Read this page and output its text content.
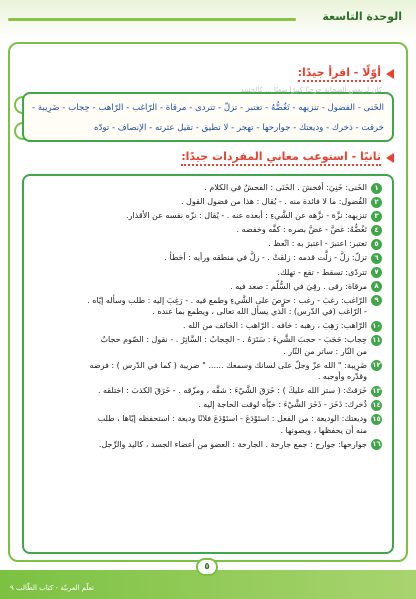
الوحدة التاسعة
أوّلًا - اقرأ جيدًا:
كان لـ بعض الصحابة حرجـًا كبيرًا صعبًا ... كالجسد
الخَنى - الفضول - تنزيهه - تَغُضُّهُ - تعتبر - تزلّ - تتردى - مرقاة - الرّاغب - الرّاهب - حِجاب - ضَرِيبة - خرقت - ذخرك - وديعتك - جوارحها - تهجر - لا تطيق - تقيل عثرته - الإنصاف - تودّه
ثانيًا - استوعب معاني المفردات جيدًا:
١
الخَنى: خَنِيَ: أفحشَ . الخَنَى : الفحشُ في الكلام .
٢
الفُضول: ما لا فائدة منه . - يُقال : هذا من فضول القول .
٣
تنزيهه: نزَّهَ - نزَّهه عن الشَّيءِ : أبعده عنه . - يُقال : نزّه نفسه عن الأقذار.
٤
تَغُضُّهُ: غضَّ - غضَّ بصره : كفَّه وخفضه .
٥
تعتبر: اعتبرَ - اعتبرَ به : اتّعظ .
٦
تزلّ: زلَّ - زلَّت قدمه : زلقتْ . - زلَّ في منطقه ورأيه : أخطأ .
٧
تتردّى: تسقط - تقع - تهلك.
٨
مرقاة: رقى . رقِيَ في السُّلّم : صعد فيه .
٩
الرّاغب: رغبَ - رغب : حرَصَ على الشَّيءِ وطمع فيه . - رَغِبَ إليه : طلب وسأله إيّاه .
- الرّاغب (في الدّرس) : الّذي يسأل الله تعالى ، ويطمع بما عنده .
١٠
الرّاهب: رَهِبَ ، رهبه : خافه . الرّاهب : الخائف من الله .
١١
حِجاب: حَجَبَ - حجبَ الشَّيءَ : سَتَرَهُ . - الحِجابُ : السَّاتِرُ . - نقول : الصّوم حجابٌ
من النّار : ساتر من النّار .
١٢
ضَرِيبة: " الله عزّ وجلّ على لسانك وسمعك ...... " ضريبة ( كما في الدّرس ) : فرضه
وقدّره وأوجبه .
١٣
خَرَقتْ: ( ستر الله عليكَ ) : خَرَقَ الشَّيْءَ : شقَّه ، ومزّقه . - خَرَقَ الكذبَ : اختلقه .
١٤
ذُخرك: ذَخَرَ - ذَخَرَ الشَّيْءَ : خبّأه لوقت الحاجة إليه .
١٥
وديعتك: الوديعة : من الفعل : استَوْدَعَ - استَوْدَعَ فلانًا وديعة : استحفظه إيّاها ، طلب
منه أن يحفظها ، ويصونها .
١٦
جوارحها: جوارح : جمع جارحة . الجارحة : العضو من أعضاء الجسد ، كاليد والرِّجل.
٥
تعلّم العربيّة - كتاب الطّالب ٩
